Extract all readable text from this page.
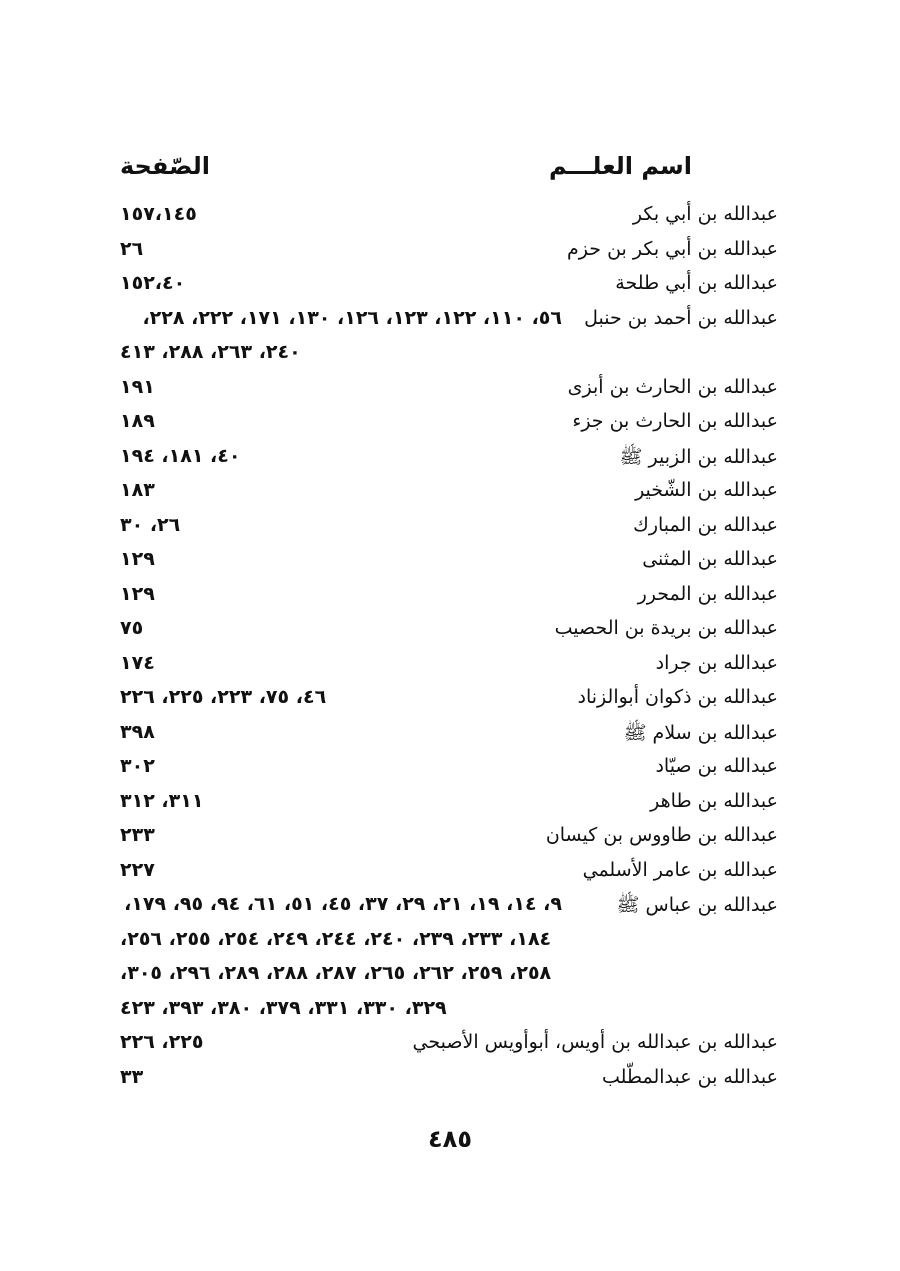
اسم العلـــم
الصّفحة
عبدالله بن أبي بكر
١٥٧،١٤٥
عبدالله بن أبي بكر بن حزم
٢٦
عبدالله بن أبي طلحة
١٥٢،٤٠
عبدالله بن أحمد بن حنبل
٥٦، ١١٠، ١٢٢، ١٢٣، ١٢٦، ١٣٠، ١٧١، ٢٢٢، ٢٢٨،
٢٤٠، ٢٦٣، ٢٨٨، ٤١٣
عبدالله بن الحارث بن أبزى
١٩١
عبدالله بن الحارث بن جزء
١٨٩
عبدالله بن الزبير ﷺ
٤٠، ١٨١، ١٩٤
عبدالله بن الشّخير
١٨٣
عبدالله بن المبارك
٢٦، ٣٠
عبدالله بن المثنى
١٢٩
عبدالله بن المحرر
١٢٩
عبدالله بن بريدة بن الحصيب
٧٥
عبدالله بن جراد
١٧٤
عبدالله بن ذكوان أبوالزناد
٤٦، ٧٥، ٢٢٣، ٢٢٥، ٢٢٦
عبدالله بن سلام ﷺ
٣٩٨
عبدالله بن صيّاد
٣٠٢
عبدالله بن طاهر
٣١١، ٣١٢
عبدالله بن طاووس بن كيسان
٢٣٣
عبدالله بن عامر الأسلمي
٢٢٧
عبدالله بن عباس ﷺ
٩، ١٤، ١٩، ٢١، ٢٩، ٣٧، ٤٥، ٥١، ٦١، ٩٤، ٩٥، ١٧٩،
١٨٤، ٢٣٣، ٢٣٩، ٢٤٠، ٢٤٤، ٢٤٩، ٢٥٤، ٢٥٥، ٢٥٦،
٢٥٨، ٢٥٩، ٢٦٢، ٢٦٥، ٢٨٧، ٢٨٨، ٢٨٩، ٢٩٦، ٣٠٥،
٣٢٩، ٣٣٠، ٣٣١، ٣٧٩، ٣٨٠، ٣٩٣، ٤٢٣
عبدالله بن عبدالله بن أويس، أبوأويس الأصبحي
٢٢٥، ٢٢٦
عبدالله بن عبدالمطّلب
٣٣
٤٨٥
